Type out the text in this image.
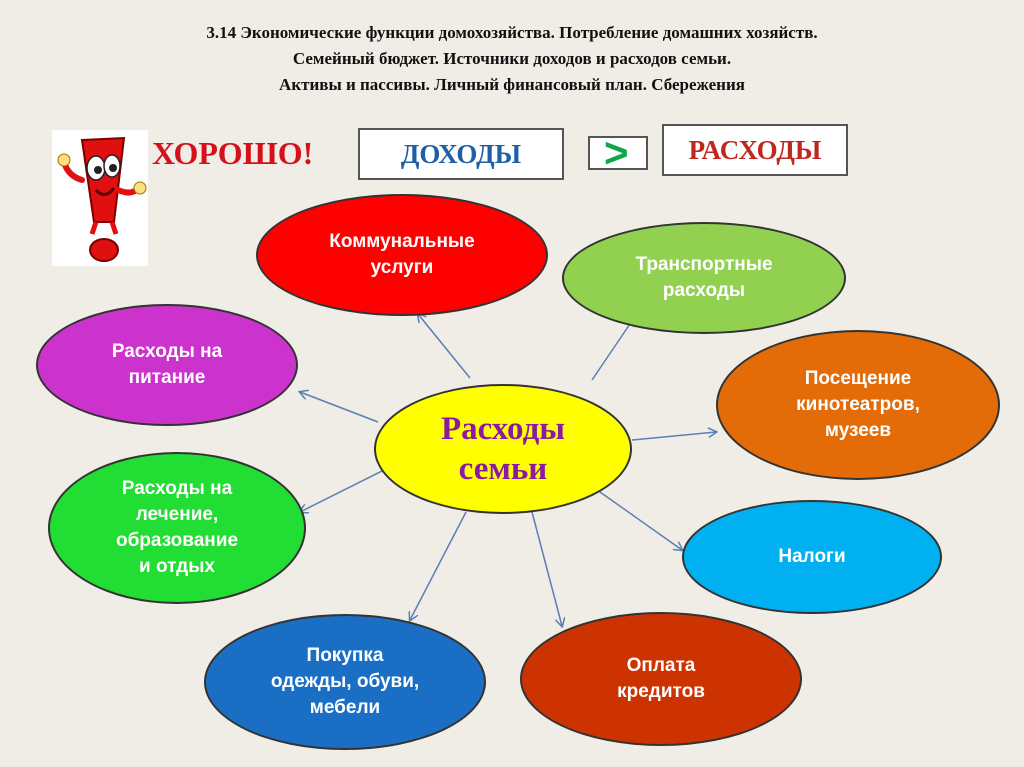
3.14 Экономические функции домохозяйства. Потребление домашних хозяйств.
Семейный бюджет. Источники доходов и расходов семьи.
Активы и пассивы. Личный финансовый план. Сбережения
ХОРОШО!	ДОХОДЫ > РАСХОДЫ
Расходы
семьи
Коммунальные
услуги	Транспортные
расходы
Расходы на
питание	Посещение
кинотеатров,
музеев
Расходы на
лечение,
образование
и отдых	Налоги
Покупка
одежды, обуви,
мебели
Оплата
кредитов
